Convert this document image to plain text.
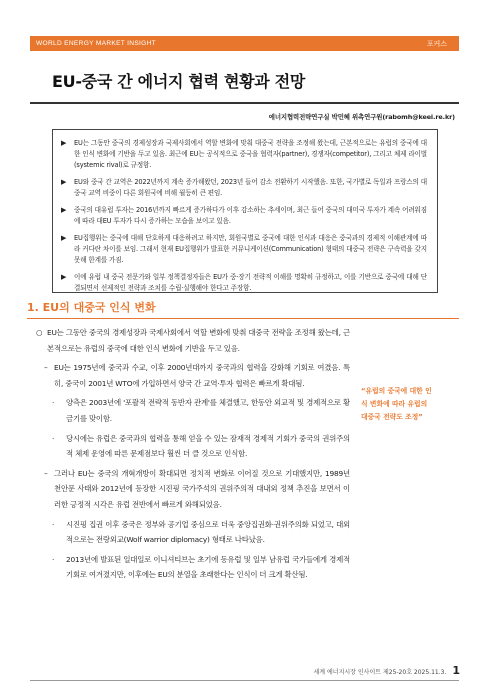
WORLD ENERGY MARKET INSIGHT	포커스
EU-중국 간 에너지 협력 현황과 전망
에너지협력전략연구실 박민혜 위촉연구원(rabomh@keei.re.kr)
▶	EU는 그동안 중국의 경제성장과 국제사회에서 역할 변화에 맞춰 대중국 전략을 조정해 왔는데, 근본적으로는 유럽의 중국에 대한 인식 변화에 기반을 두고 있음. 최근에 EU는 공식적으로 중국을 협력자(partner), 경쟁자(competitor), 그리고 체제 라이벌(systemic rival)로 규정함.
▶	EU와 중국 간 교역은 2022년까지 계속 증가해왔던, 2023년 들어 감소 전환하기 시작했음. 또한, 국가별로 독일과 프랑스의 대중국 교역 비중이 다른 회원국에 비해 월등히 큰 편임.
▶	중국의 대유럽 투자는 2016년까지 빠르게 증가하다가 이후 감소하는 추세이며, 최근 들어 중국의 대미국 투자가 계속 어려워짐에 따라 대EU 투자가 다시 증가하는 모습을 보이고 있음.
▶	EU집행위는 중국에 대해 단호하게 대응하려고 하지만, 회원국별로 중국에 대한 인식과 대응은 중국과의 경제적 이해관계에 따라 커다란 차이를 보임. 그래서 현재 EU집행위가 발표한 커뮤니케이션(Communication) 형태의 대중국 전략은 구속력을 갖지 못해 한계를 가짐.
▶	이에 유럽 내 중국 전문가와 일부 정책결정자들은 EU가 중·장기 전략적 이해를 명확히 규정하고, 이를 기반으로 중국에 대해 단결되면서 선제적인 전략과 조치를 수립·실행해야 한다고 주장함.
1. EU의 대중국 인식 변화
○ EU는 그동안 중국의 경제성장과 국제사회에서 역할 변화에 맞춰 대중국 전략을 조정해 왔는데, 근본적으로는 유럽의 중국에 대한 인식 변화에 기반을 두고 있음.
– EU는 1975년에 중국과 수교, 이후 2000년대까지 중국과의 협력을 강화해 기회로 여겼음. 특히, 중국이 2001년 WTO에 가입하면서 양국 간 교역·투자 협력은 빠르게 확대됨.
·	양측은 2003년에 '포괄적 전략적 동반자 관계'를 체결했고, 한동안 외교적 및 경제적으로 황금기를 맞이함.
·	당시에는 유럽은 중국과의 협력을 통해 얻을 수 있는 잠재적 경제적 기회가 중국의 권위주의적 체제 운영에 따른 문제점보다 훨씬 더 클 것으로 인식함.
– 그러나 EU는 중국의 개혁개방이 확대되면 정치적 변화로 이어질 것으로 기대했지만, 1989년 천안문 사태와 2012년에 등장한 시진핑 국가주석의 권위주의적 대내외 정책 추진을 보면서 이러한 긍정적 시각은 유럽 전반에서 빠르게 와해되었음.
·	시진핑 집권 이후 중국은 정부와 공기업 중심으로 더욱 중앙집권화·권위주의화 되었고, 대외적으로는 전랑외교(Wolf warrior diplomacy) 형태로 나타났음.
·	2013년에 발표된 일대일로 이니셔티브는 초기에 동유럽 및 일부 남유럽 국가들에게 경제적 기회로 여겨졌지만, 이후에는 EU의 분열을 초래한다는 인식이 더 크게 확산됨.
“유럽의 중국에 대한 인식 변화에 따라 유럽의 대중국 전략도 조정”
세계 에너지시장 인사이트 제25-20호 2025.11.3. 1
